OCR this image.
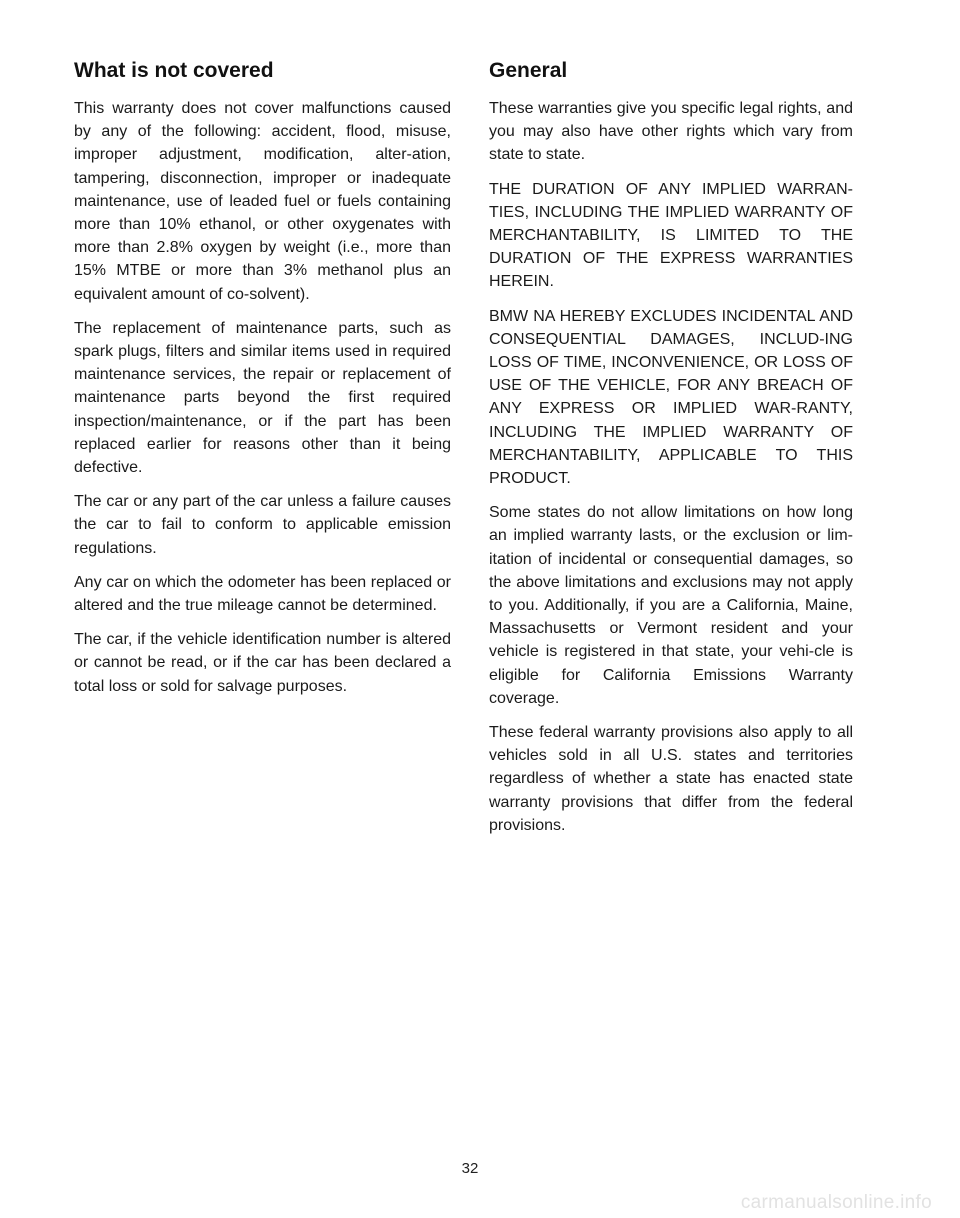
What is not covered

This warranty does not cover malfunctions caused by any of the following: accident, flood, misuse, improper adjustment, modification, alter-ation, tampering, disconnection, improper or inadequate maintenance, use of leaded fuel or fuels containing more than 10% ethanol, or other oxygenates with more than 2.8% oxygen by weight (i.e., more than 15% MTBE or more than 3% methanol plus an equivalent amount of co-solvent).

The replacement of maintenance parts, such as spark plugs, filters and similar items used in required maintenance services, the repair or replacement of maintenance parts beyond the first required inspection/maintenance, or if the part has been replaced earlier for reasons other than it being defective.

The car or any part of the car unless a failure causes the car to fail to conform to applicable emission regulations.

Any car on which the odometer has been replaced or altered and the true mileage cannot be determined.

The car, if the vehicle identification number is altered or cannot be read, or if the car has been declared a total loss or sold for salvage purposes.

General

These warranties give you specific legal rights, and you may also have other rights which vary from state to state.

THE DURATION OF ANY IMPLIED WARRAN-TIES, INCLUDING THE IMPLIED WARRANTY OF MERCHANTABILITY, IS LIMITED TO THE DURATION OF THE EXPRESS WARRANTIES HEREIN.

BMW NA HEREBY EXCLUDES INCIDENTAL AND CONSEQUENTIAL DAMAGES, INCLUD-ING LOSS OF TIME, INCONVENIENCE, OR LOSS OF USE OF THE VEHICLE, FOR ANY BREACH OF ANY EXPRESS OR IMPLIED WAR-RANTY, INCLUDING THE IMPLIED WARRANTY OF MERCHANTABILITY, APPLICABLE TO THIS PRODUCT.

Some states do not allow limitations on how long an implied warranty lasts, or the exclusion or lim-itation of incidental or consequential damages, so the above limitations and exclusions may not apply to you. Additionally, if you are a California, Maine, Massachusetts or Vermont resident and your vehicle is registered in that state, your vehi-cle is eligible for California Emissions Warranty coverage.

These federal warranty provisions also apply to all vehicles sold in all U.S. states and territories regardless of whether a state has enacted state warranty provisions that differ from the federal provisions.

32
carmanualsonline.info
